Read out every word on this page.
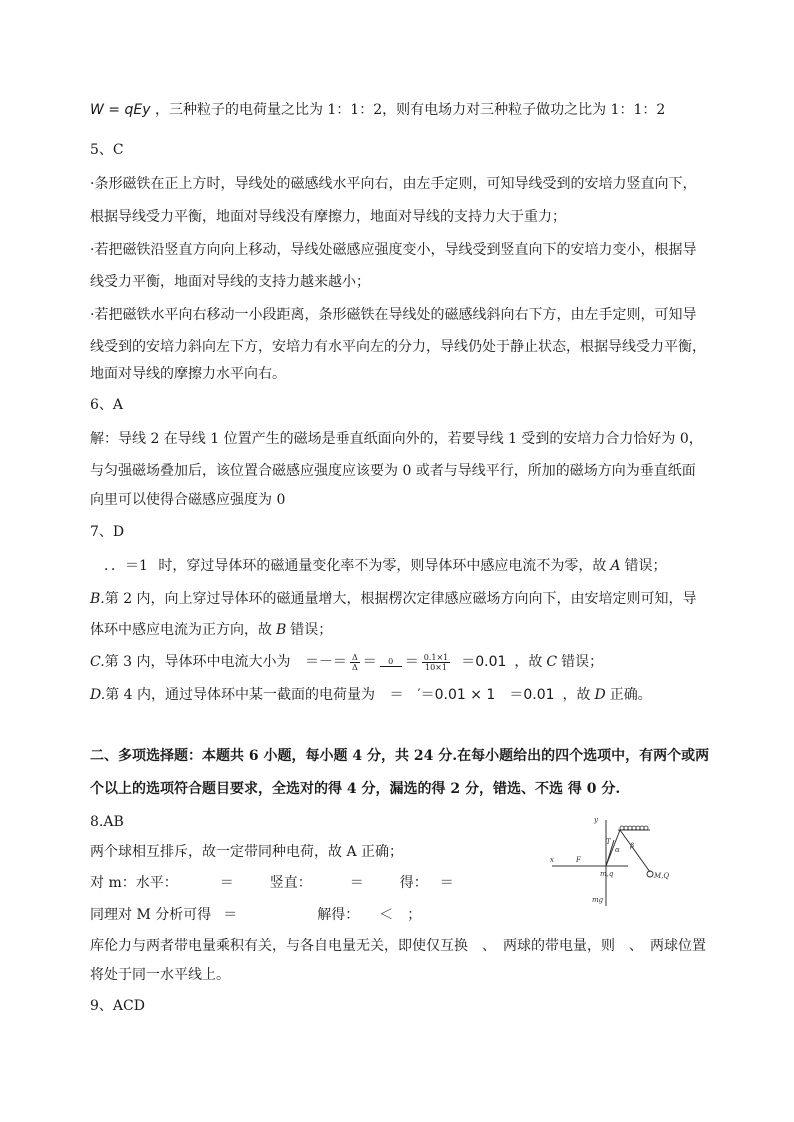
W = qEy ，三种粒子的电荷量之比为 1：1：2，则有电场力对三种粒子做功之比为 1：1：2
5、C
·条形磁铁在正上方时，导线处的磁感线水平向右，由左手定则，可知导线受到的安培力竖直向下，
根据导线受力平衡，地面对导线没有摩擦力，地面对导线的支持力大于重力；
·若把磁铁沿竖直方向向上移动，导线处磁感应强度变小，导线受到竖直向下的安培力变小，根据导
线受力平衡，地面对导线的支持力越来越小；
·若把磁铁水平向右移动一小段距离，条形磁铁在导线处的磁感线斜向右下方，由左手定则，可知导
线受到的安培力斜向左下方，安培力有水平向左的分力，导线仍处于静止状态，根据导线受力平衡，
地面对导线的摩擦力水平向右。
6、A
解：导线 2 在导线 1 位置产生的磁场是垂直纸面向外的，若要导线 1 受到的安培力合力恰好为 0，
与匀强磁场叠加后，该位置合磁感应强度应该要为 0 或者与导线平行，所加的磁场方向为垂直纸面
向里可以使得合磁感应强度为 0
7、D
．．＝1 时，穿过导体环的磁通量变化率不为零，则导体环中感应电流不为零，故 A 错误；
B.第 2 内，向上穿过导体环的磁通量增大，根据楞次定律感应磁场方向向下，由安培定则可知，导
体环中感应电流为正方向，故 B 错误；
C.第 3 内，导体环中电流大小为 ＝－＝ $\frac{\Delta}{\Delta}$ ＝	$0 = \frac{0.1\times 1}{10\times 1} =0.01$ ，故 C 错误；
D.第 4 内，通过导体环中某一截面的电荷量为 ＝　′＝0.01 × 1　＝0.01 ，故 D 正确。
二、多项选择题：本题共 6 小题，每小题 4 分，共 24 分.在每小题给出的四个选项中，有两个或两
个以上的选项符合题目要求，全选对的得 4 分，漏选的得 2 分，错选、不选 得 0 分.
8.AB
两个球相互排斥，故一定带同种电荷，故 A 正确；
对 m：水平：	＝	竖直：	＝	得： ＝
同理对 M 分析可得 ＝	解得： ＜　；
库伦力与两者带电量乘积有关，与各自电量无关，即使仅互换　、　两球的带电量，则　、　两球位置
将处于同一水平线上。
9、ACD
y
x
T
F
α β
m,q	M,Q
mg
